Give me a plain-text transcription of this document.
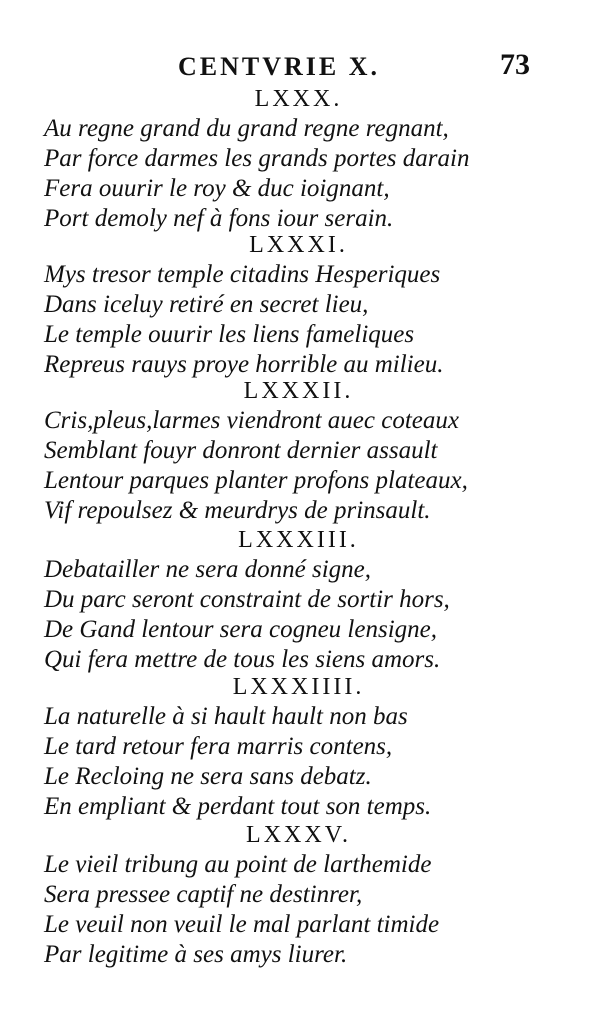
CENTVRIE X.	73
LXXX.
Au regne grand du grand regne regnant,
Par force darmes les grands portes darain
Fera ouurir le roy & duc ioignant,
Port demoly nef à fons iour serain.
LXXXI.
Mys tresor temple citadins Hesperiques
Dans iceluy retiré en secret lieu,
Le temple ouurir les liens fameliques
Repreus rauys proye horrible au milieu.
LXXXII.
Cris,pleus,larmes viendront auec coteaux
Semblant fouyr donront dernier assault
Lentour parques planter profons plateaux,
Vif repoulsez & meurdrys de prinsault.
LXXXIII.
Debatailler ne sera donné signe,
Du parc seront constraint de sortir hors,
De Gand lentour sera cogneu lensigne,
Qui fera mettre de tous les siens amors.
LXXXIIII.
La naturelle à si hault hault non bas
Le tard retour fera marris contens,
Le Recloing ne sera sans debatz.
En empliant & perdant tout son temps.
LXXXV.
Le vieil tribung au point de larthemide
Sera pressee captif ne destinrer,
Le veuil non veuil le mal parlant timide
Par legitime à ses amys liurer.
